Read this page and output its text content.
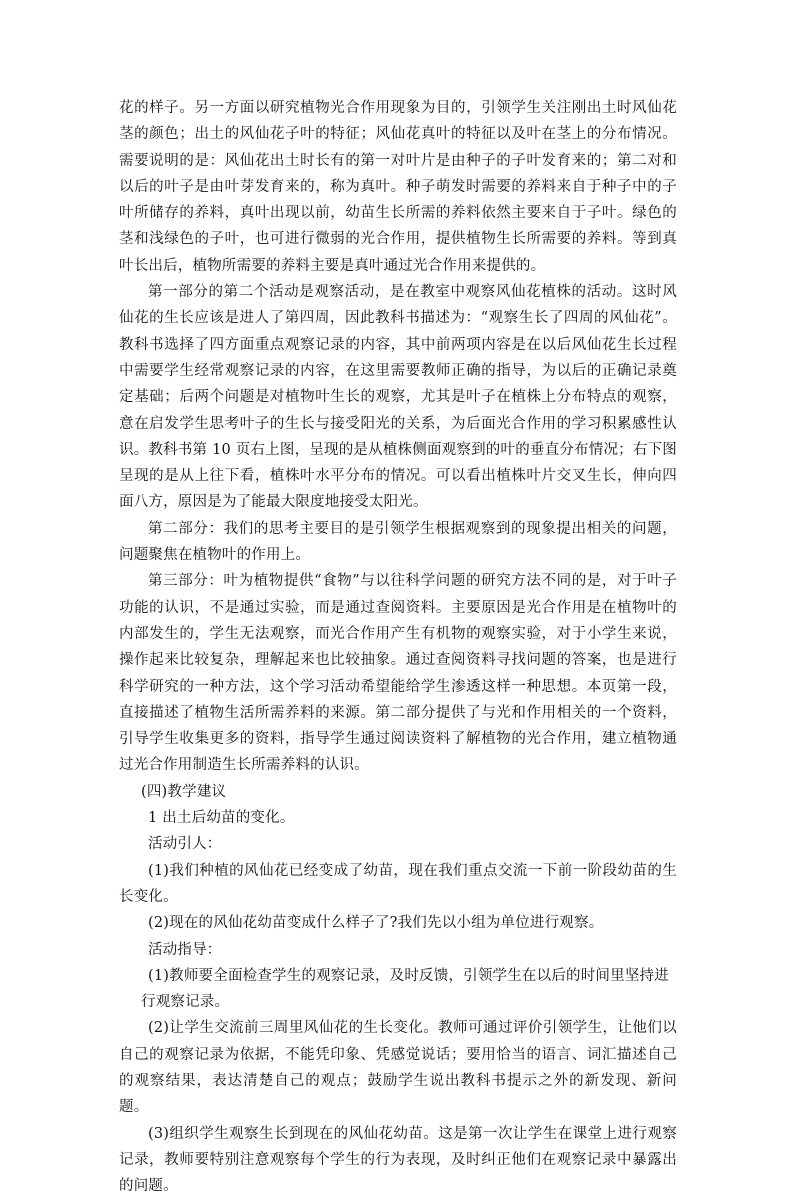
花的样子。另一方面以研究植物光合作用现象为目的，引领学生关注刚出土时风仙花茎的颜色；出土的风仙花子叶的特征；风仙花真叶的特征以及叶在茎上的分布情况。需要说明的是：风仙花出土时长有的第一对叶片是由种子的子叶发育来的；第二对和以后的叶子是由叶芽发育来的，称为真叶。种子萌发时需要的养料来自于种子中的子叶所储存的养料，真叶出现以前，幼苗生长所需的养料依然主要来自于子叶。绿色的茎和浅绿色的子叶，也可进行微弱的光合作用，提供植物生长所需要的养料。等到真叶长出后，植物所需要的养料主要是真叶通过光合作用来提供的。

第一部分的第二个活动是观察活动，是在教室中观察风仙花植株的活动。这时风仙花的生长应该是进人了第四周，因此教科书描述为：“观察生长了四周的风仙花”。教科书选择了四方面重点观察记录的内容，其中前两项内容是在以后风仙花生长过程中需要学生经常观察记录的内容，在这里需要教师正确的指导，为以后的正确记录奠定基础；后两个问题是对植物叶生长的观察，尤其是叶子在植株上分布特点的观察，意在启发学生思考叶子的生长与接受阳光的关系，为后面光合作用的学习积累感性认识。教科书第 10 页右上图，呈现的是从植株侧面观察到的叶的垂直分布情况；右下图呈现的是从上往下看，植株叶水平分布的情况。可以看出植株叶片交叉生长，伸向四面八方，原因是为了能最大限度地接受太阳光。

第二部分：我们的思考主要目的是引领学生根据观察到的现象提出相关的问题，问题聚焦在植物叶的作用上。

第三部分：叶为植物提供“食物”与以往科学问题的研究方法不同的是，对于叶子功能的认识，不是通过实验，而是通过查阅资料。主要原因是光合作用是在植物叶的内部发生的，学生无法观察，而光合作用产生有机物的观察实验，对于小学生来说，操作起来比较复杂，理解起来也比较抽象。通过查阅资料寻找问题的答案，也是进行科学研究的一种方法，这个学习活动希望能给学生渗透这样一种思想。本页第一段，直接描述了植物生活所需养料的来源。第二部分提供了与光和作用相关的一个资料，引导学生收集更多的资料，指导学生通过阅读资料了解植物的光合作用，建立植物通过光合作用制造生长所需养料的认识。

(四)教学建议

1 出土后幼苗的变化。

活动引人：

(1)我们种植的风仙花已经变成了幼苗，现在我们重点交流一下前一阶段幼苗的生长变化。

(2)现在的风仙花幼苗变成什么样子了?我们先以小组为单位进行观察。

活动指导：

(1)教师要全面检查学生的观察记录，及时反馈，引领学生在以后的时间里坚持进

行观察记录。

(2)让学生交流前三周里风仙花的生长变化。教师可通过评价引领学生，让他们以自己的观察记录为依据，不能凭印象、凭感觉说话；要用恰当的语言、词汇描述自己的观察结果，表达清楚自己的观点；鼓励学生说出教科书提示之外的新发现、新问题。

(3)组织学生观察生长到现在的风仙花幼苗。这是第一次让学生在课堂上进行观察记录，教师要特别注意观察每个学生的行为表现，及时纠正他们在观察记录中暴露出的问题。
